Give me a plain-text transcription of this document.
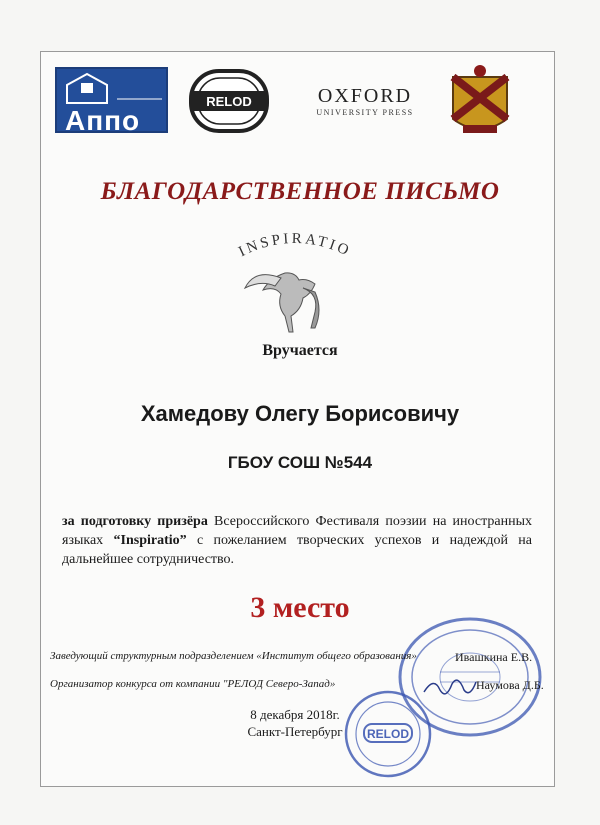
Аппо
RELOD	OXFORD
UNIVERSITY PRESS
БЛАГОДАРСТВЕННОЕ ПИСЬМО
INSPIRATIO
Вручается
Хамедову Олегу Борисовичу
ГБОУ СОШ №544
за подготовку призёра Всероссийского Фестиваля поэзии на иностранных языках “Inspiratio” с пожеланием творческих успехов и надеждой на дальнейшее сотрудничество.
3 место
Заведующий структурным подразделением «Институт общего образования»	Ивашкина Е.В.
Организатор конкурса от компании "РЕЛОД Северо-Запад»	Наумова Д.Б.
8 декабря 2018г.
Санкт-Петербург	RELOD
